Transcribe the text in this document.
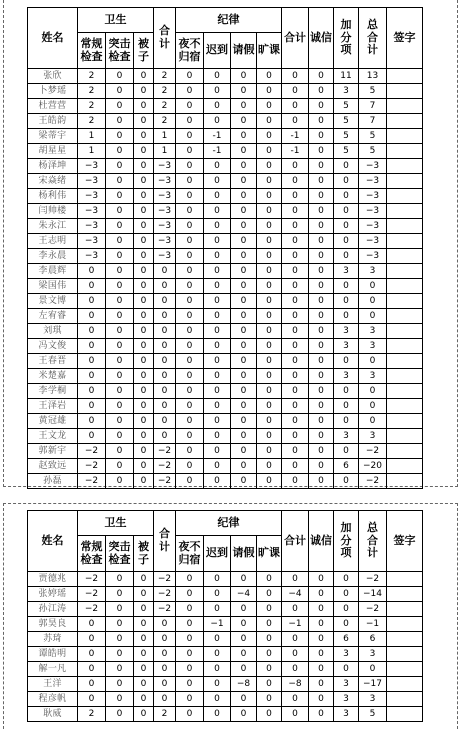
姓名	卫生			合计	纪律				合计	诚信	加分项	总合计	签字
	常规检查	突击检查	被子		夜不归宿	迟到	请假	旷课					
张欣	2	0	0	2	0	0	0	0	0	0	11	13	
卜梦瑶	2	0	0	2	0	0	0	0	0	0	3	5	
杜营营	2	0	0	2	0	0	0	0	0	0	5	7	
王皓韵	2	0	0	2	0	0	0	0	0	0	5	7	
梁蒂宇	1	0	0	1	0	-1	0	0	-1	0	5	5	
胡星星	1	0	0	1	0	-1	0	0	-1	0	5	5	
杨泽坤	−3	0	0	−3	0	0	0	0	0	0	0	−3	
宋焱绪	−3	0	0	−3	0	0	0	0	0	0	0	−3	
杨利伟	−3	0	0	−3	0	0	0	0	0	0	0	−3	
闫帅楼	−3	0	0	−3	0	0	0	0	0	0	0	−3	
朱永江	−3	0	0	−3	0	0	0	0	0	0	0	−3	
王志明	−3	0	0	−3	0	0	0	0	0	0	0	−3	
李永晨	−3	0	0	−3	0	0	0	0	0	0	0	−3	
李晨辉	0	0	0	0	0	0	0	0	0	0	3	3	
梁国伟	0	0	0	0	0	0	0	0	0	0	0	0	
景文博	0	0	0	0	0	0	0	0	0	0	0	0	
左宥睿	0	0	0	0	0	0	0	0	0	0	0	0	
刘琪	0	0	0	0	0	0	0	0	0	0	3	3	
冯文俊	0	0	0	0	0	0	0	0	0	0	3	3	
王春晋	0	0	0	0	0	0	0	0	0	0	0	0	
米楚嘉	0	0	0	0	0	0	0	0	0	0	3	3	
李学桐	0	0	0	0	0	0	0	0	0	0	0	0	
王泽岩	0	0	0	0	0	0	0	0	0	0	0	0	
黄冠雄	0	0	0	0	0	0	0	0	0	0	0	0	
王文龙	0	0	0	0	0	0	0	0	0	0	3	3	
郭新宇	−2	0	0	−2	0	0	0	0	0	0	0	−2	
赵致远	−2	0	0	−2	0	0	0	0	0	0	6	−20	
孙磊	−2	0	0	−2	0	0	0	0	0	0	0	−2	
姓名	卫生			合计	纪律				合计	诚信	加分项	总合计	签字
	常规检查	突击检查	被子		夜不归宿	迟到	请假	旷课					
贾德兆	−2	0	0	−2	0	0	0	0	0	0	0	−2	
张婷瑶	−2	0	0	−2	0	0	−4	0	−4	0	0	−14	
孙江涛	−2	0	0	−2	0	0	0	0	0	0	0	−2	
郭昊良	0	0	0	0	0	−1	0	0	−1	0	0	−1	
苏琦	0	0	0	0	0	0	0	0	0	0	6	6	
谭皓明	0	0	0	0	0	0	0	0	0	0	3	3	
解一凡	0	0	0	0	0	0	0	0	0	0	0	0	
王洋	0	0	0	0	0	0	−8	0	−8	0	3	−17	
程彦帆	0	0	0	0	0	0	0	0	0	0	3	3	
耿威	2	0	0	2	0	0	0	0	0	0	3	5	
